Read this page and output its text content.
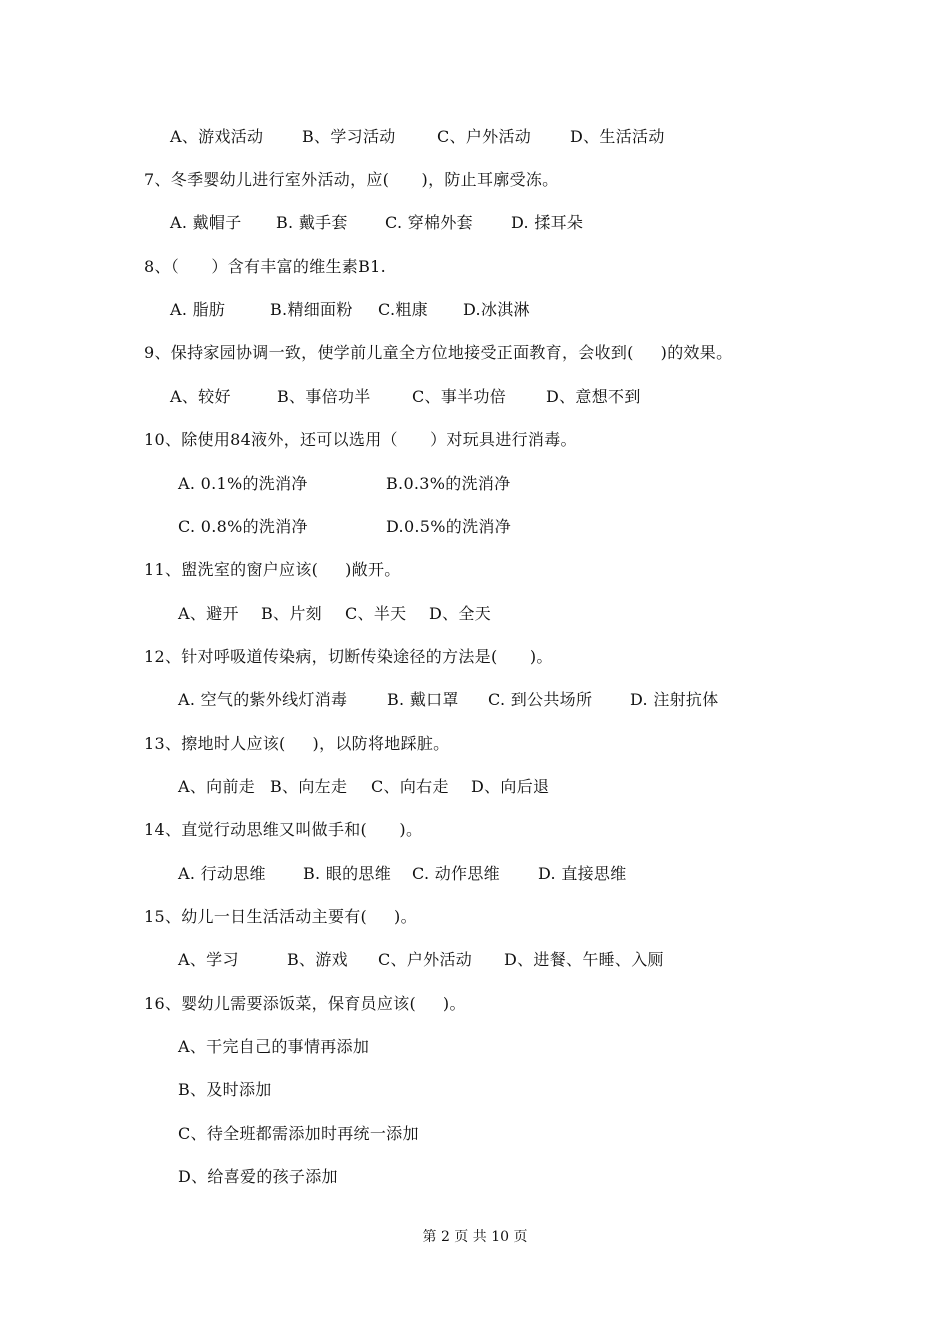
A、游戏活动 B、学习活动	C、户外活动 D、生活活动
7、冬季婴幼儿进行室外活动，应(      )，防止耳廓受冻。
A. 戴帽子 B. 戴手套 C. 穿棉外套 D. 揉耳朵
8、（      ）含有丰富的维生素B1.
A. 脂肪	B.精细面粉 C.粗康 D.冰淇淋
9、保持家园协调一致，使学前儿童全方位地接受正面教育，会收到(     )的效果。
A、较好	B、事倍功半	C、事半功倍 D、意想不到
10、除使用84液外，还可以选用（      ）对玩具进行消毒。
A. 0.1%的洗消净	B.0.3%的洗消净
C. 0.8%的洗消净	D.0.5%的洗消净
11、盥洗室的窗户应该(     )敞开。
A、避开 B、片刻 C、半天 D、全天
12、针对呼吸道传染病，切断传染途径的方法是(      )。
A. 空气的紫外线灯消毒 B. 戴口罩 C. 到公共场所 D. 注射抗体
13、擦地时人应该(     )，以防将地踩脏。
A、向前走 B、向左走 C、向右走 D、向后退
14、直觉行动思维又叫做手和(      )。
A. 行动思维 B. 眼的思维 C. 动作思维 D. 直接思维
15、幼儿一日生活活动主要有(     )。
A、学习	B、游戏 C、户外活动 D、进餐、午睡、入厕
16、婴幼儿需要添饭菜，保育员应该(     )。
A、干完自己的事情再添加
B、及时添加
C、待全班都需添加时再统一添加
D、给喜爱的孩子添加
第 2 页 共 10 页
